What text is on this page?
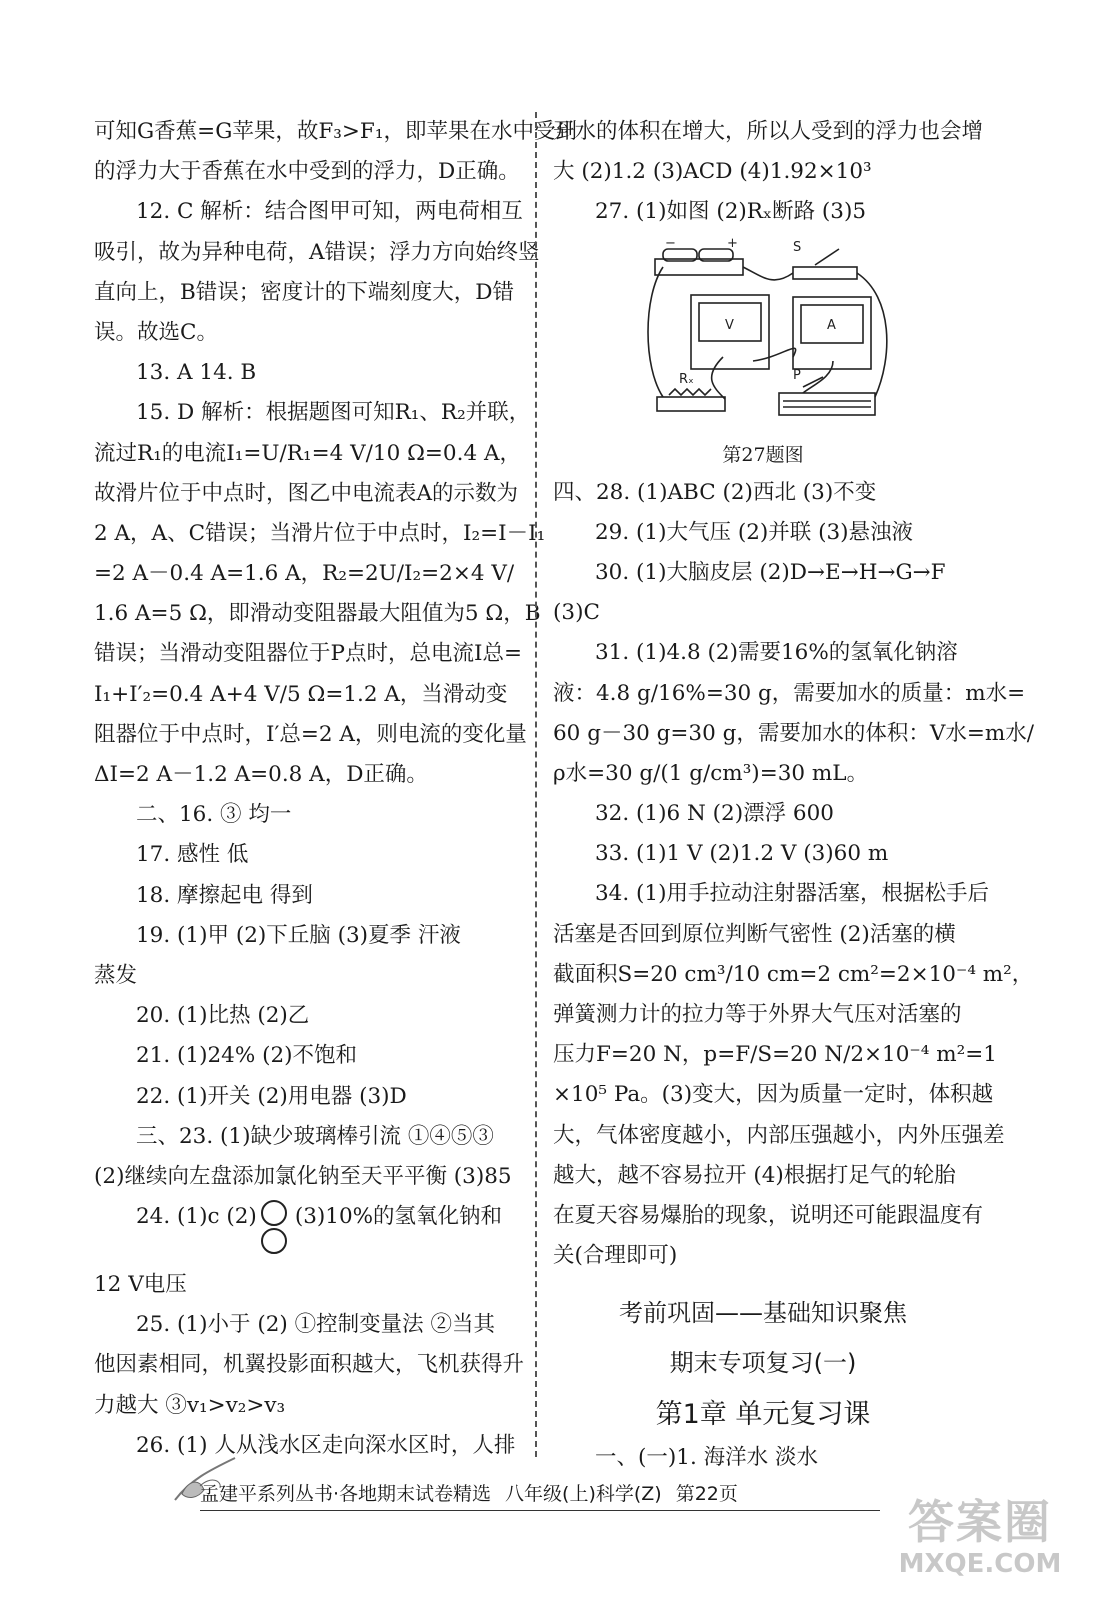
可知G香蕉=G苹果，故F₃>F₁，即苹果在水中受到
的浮力大于香蕉在水中受到的浮力，D正确。
12. C 解析：结合图甲可知，两电荷相互
吸引，故为异种电荷，A错误；浮力方向始终竖
直向上，B错误；密度计的下端刻度大，D错
误。故选C。
13. A 14. B
15. D 解析：根据题图可知R₁、R₂并联，
流过R₁的电流I₁=U/R₁=4 V/10 Ω=0.4 A，
故滑片位于中点时，图乙中电流表A的示数为
2 A，A、C错误；当滑片位于中点时，I₂=I－I₁
=2 A－0.4 A=1.6 A，R₂=2U/I₂=2×4 V/
1.6 A=5 Ω，即滑动变阻器最大阻值为5 Ω，B
错误；当滑动变阻器位于P点时，总电流I总=
I₁+I′₂=0.4 A+4 V/5 Ω=1.2 A，当滑动变
阻器位于中点时，I′总=2 A，则电流的变化量
ΔI=2 A－1.2 A=0.8 A，D正确。
二、16. ③ 均一
17. 感性 低
18. 摩擦起电 得到
19. (1)甲 (2)下丘脑 (3)夏季 汗液
蒸发
20. (1)比热 (2)乙
21. (1)24% (2)不饱和
22. (1)开关 (2)用电器 (3)D
三、23. (1)缺少玻璃棒引流 ①④⑤③
(2)继续向左盘添加氯化钠至天平平衡 (3)85
24. (1)c (2) (3)10%的氢氧化钠和
12 V电压
25. (1)小于 (2) ①控制变量法 ②当其
他因素相同，机翼投影面积越大，飞机获得升
力越大 ③v₁>v₂>v₃
26. (1) 人从浅水区走向深水区时，人排
开水的体积在增大，所以人受到的浮力也会增
大 (2)1.2 (3)ACD (4)1.92×10³
27. (1)如图 (2)Rₓ断路 (3)5
−	+	S
V	A
Rₓ	P
第27题图
四、28. (1)ABC (2)西北 (3)不变
29. (1)大气压 (2)并联 (3)悬浊液
30. (1)大脑皮层 (2)D→E→H→G→F
(3)C
31. (1)4.8 (2)需要16%的氢氧化钠溶
液：4.8 g/16%=30 g，需要加水的质量：m水=
60 g－30 g=30 g，需要加水的体积：V水=m水/
ρ水=30 g/(1 g/cm³)=30 mL。
32. (1)6 N (2)漂浮 600
33. (1)1 V (2)1.2 V (3)60 m
34. (1)用手拉动注射器活塞，根据松手后
活塞是否回到原位判断气密性 (2)活塞的横
截面积S=20 cm³/10 cm=2 cm²=2×10⁻⁴ m²，
弹簧测力计的拉力等于外界大气压对活塞的
压力F=20 N，p=F/S=20 N/2×10⁻⁴ m²=1
×10⁵ Pa。(3)变大，因为质量一定时，体积越
大，气体密度越小，内部压强越小，内外压强差
越大，越不容易拉开 (4)根据打足气的轮胎
在夏天容易爆胎的现象，说明还可能跟温度有
关(合理即可)
考前巩固——基础知识聚焦
期末专项复习(一)
第1章 单元复习课
一、(一)1. 海洋水 淡水
孟建平系列丛书·各地期末试卷精选 八年级(上)科学(Z) 第22页
答案圈
MXQE.COM
